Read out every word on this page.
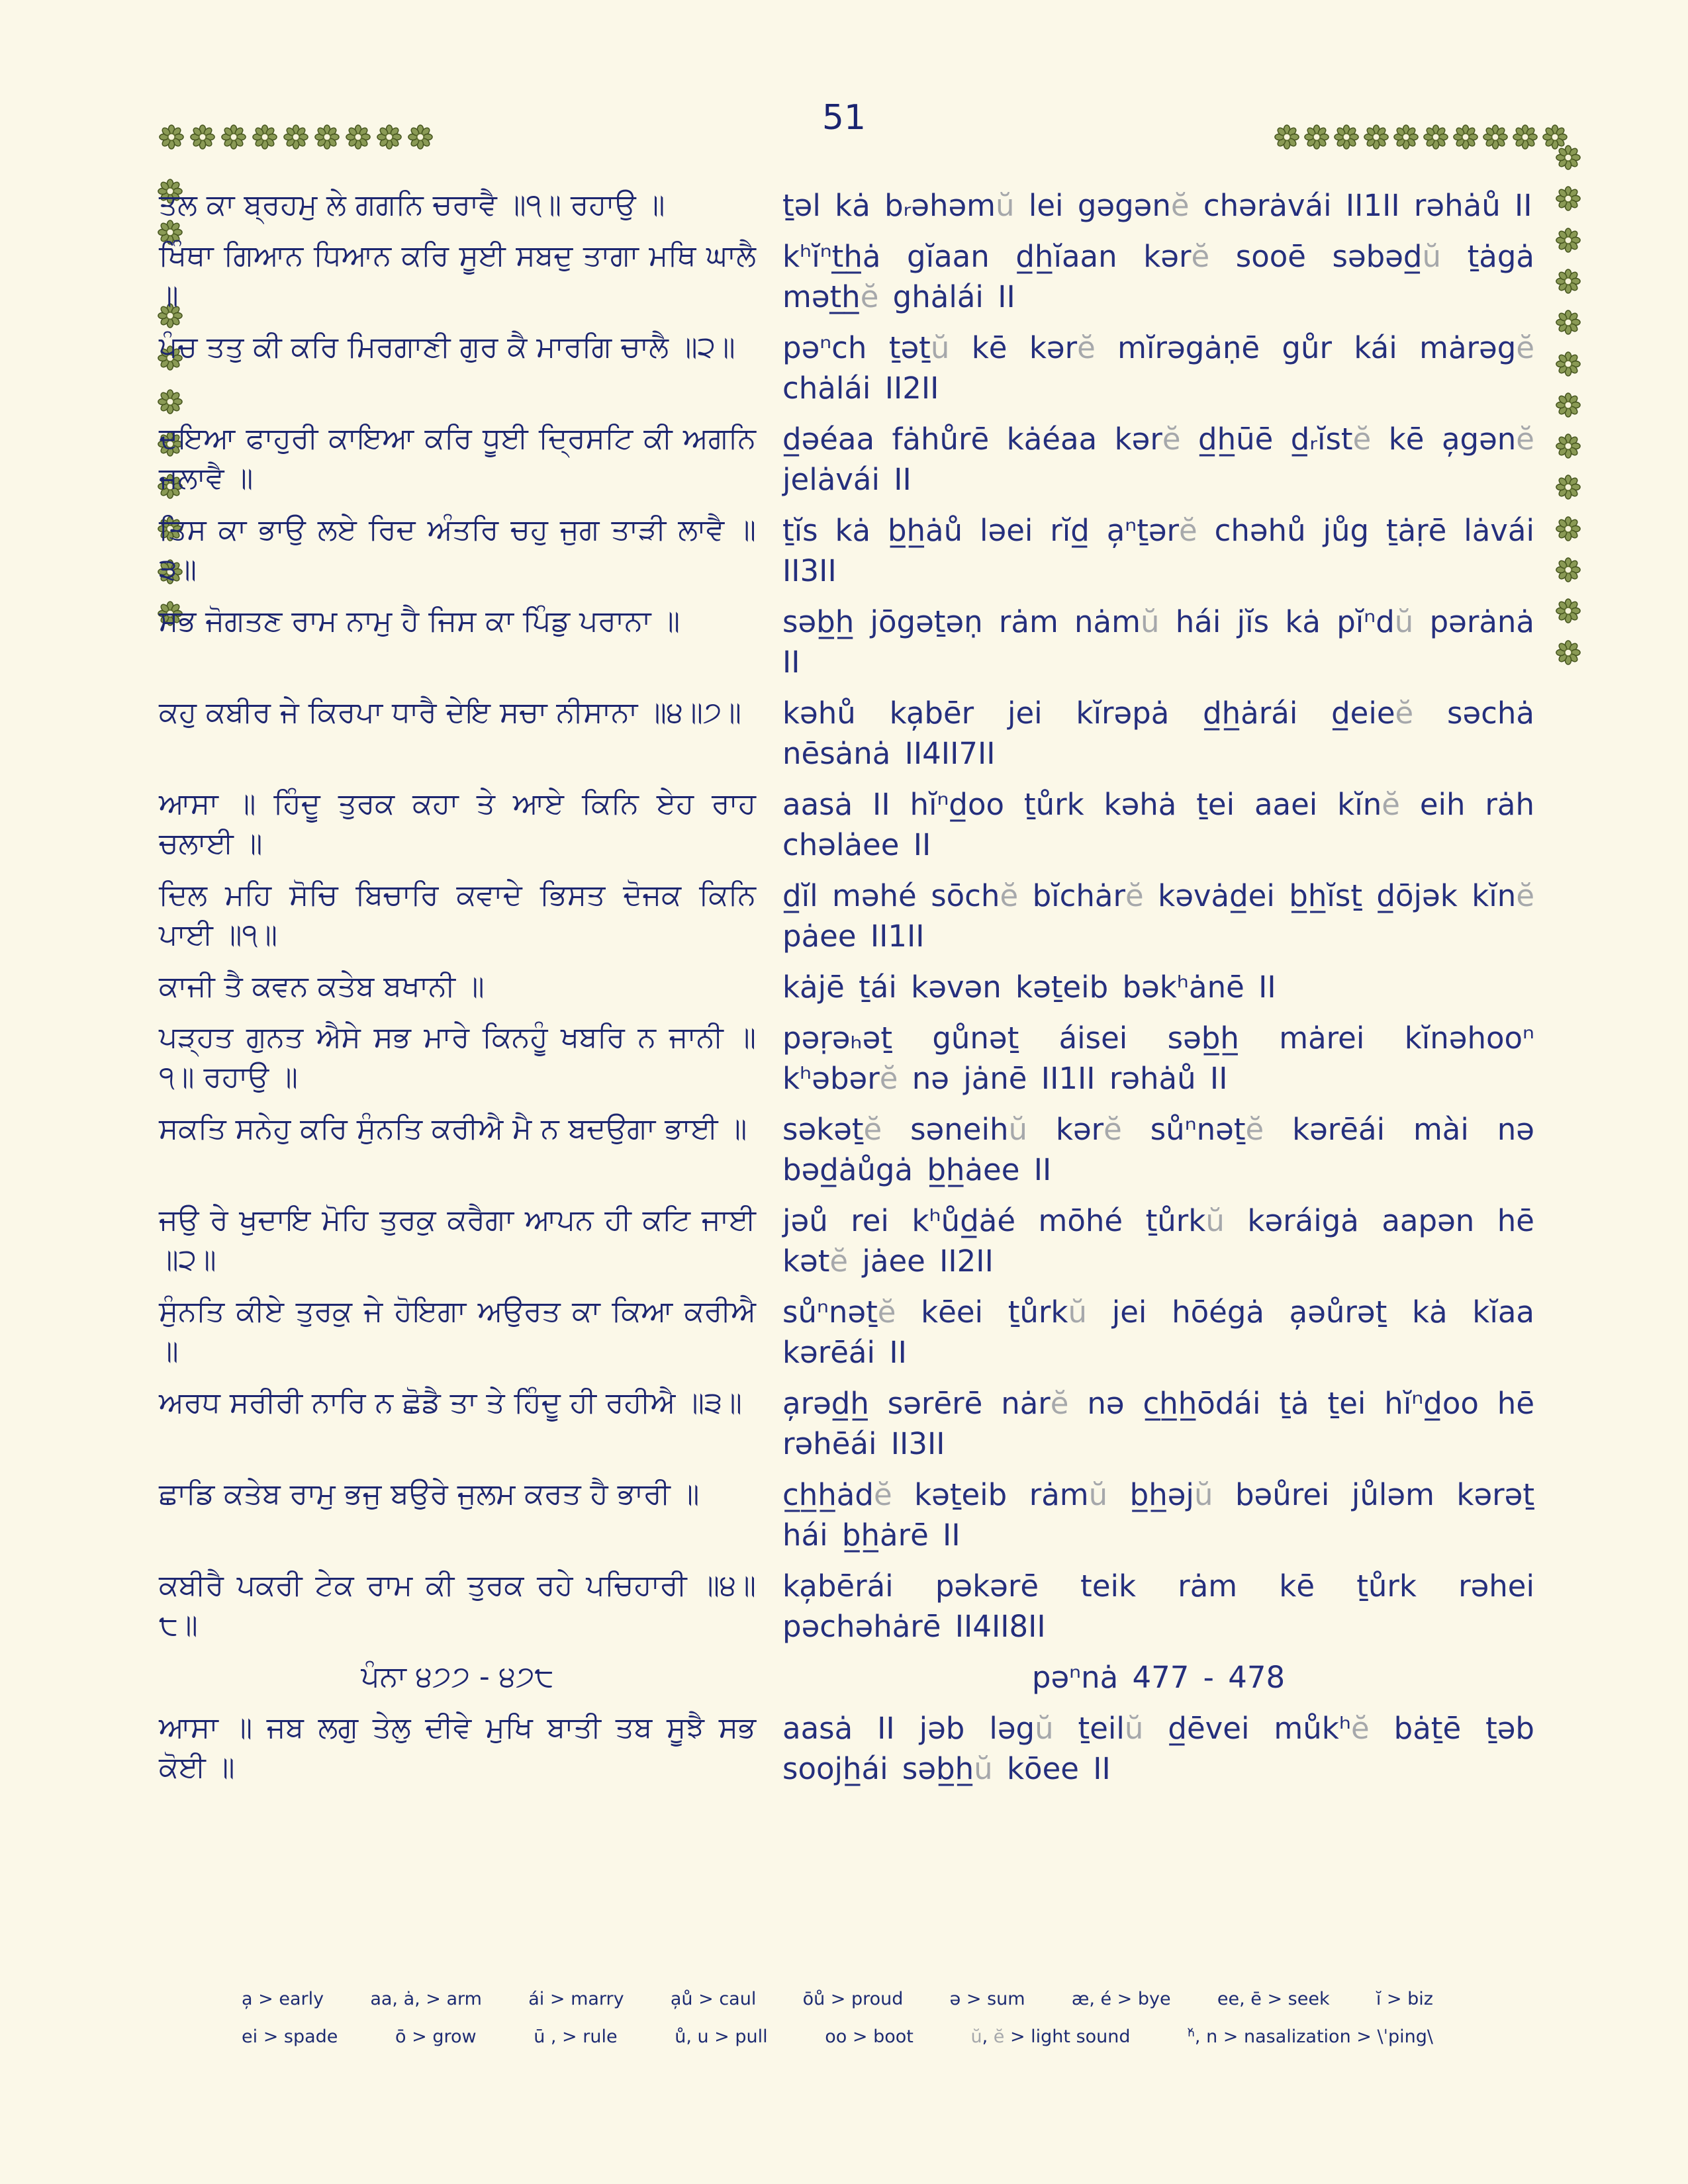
51
ਤਲ ਕਾ ਬ੍ਰਹਮੁ ਲੇ ਗਗਨਿ ਚਰਾਵੈ ॥੧॥ ਰਹਾਉ ॥	ṯəl kȧ bᵣəhəmŭ lei gəgənĕ chərȧvái II1II rəhȧů II
ਖਿੰਥਾ ਗਿਆਨ ਧਿਆਨ ਕਰਿ ਸੂਈ ਸਬਦੁ ਤਾਗਾ ਮਥਿ ਘਾਲੈ ॥
kʰĭⁿt̲h̲ȧ gĭaan d̲h̲ĭaan kərĕ sooē səbəd̲ŭ ṯȧgȧ mət̲h̲ĕ ghȧlái II
ਪੰਚ ਤਤੁ ਕੀ ਕਰਿ ਮਿਰਗਾਣੀ ਗੁਰ ਕੈ ਮਾਰਗਿ ਚਾਲੈ ॥੨॥	pəⁿch ṯəṯŭ kē kərĕ mĭrəgȧṇē gůr kái mȧrəgĕ chȧlái II2II
ਦਇਆ ਫਾਹੁਰੀ ਕਾਇਆ ਕਰਿ ਧੂਈ ਦ੍ਰਿਸਟਿ ਕੀ ਅਗਨਿ ਜਲਾਵੈ ॥
d̲əéaa fȧhůrē kȧéaa kərĕ d̲h̲ūē d̲ᵣĭstĕ kē a̦gənĕ jelȧvái II
ਤਿਸ ਕਾ ਭਾਉ ਲਏ ਰਿਦ ਅੰਤਰਿ ਚਹੁ ਜੁਗ ਤਾੜੀ ਲਾਵੈ ॥੩॥
ṯĭs kȧ b̲h̲ȧů ləei rĭd̲ a̦ⁿṯərĕ chəhů jůg ṯȧṛē lȧvái II3II
ਸਭ ਜੋਗਤਣ ਰਾਮ ਨਾਮੁ ਹੈ ਜਿਸ ਕਾ ਪਿੰਡੁ ਪਰਾਨਾ ॥	səb̲h̲ jōgəṯəṇ rȧm nȧmŭ hái jĭs kȧ pĭⁿdŭ pərȧnȧ II
ਕਹੁ ਕਬੀਰ ਜੇ ਕਿਰਪਾ ਧਾਰੈ ਦੇਇ ਸਚਾ ਨੀਸਾਨਾ ॥੪॥੭॥	kəhů ka̦bēr jei kĭrəpȧ d̲h̲ȧrái d̲eieĕ səchȧ nēsȧnȧ II4II7II
ਆਸਾ ॥ ਹਿੰਦੂ ਤੁਰਕ ਕਹਾ ਤੇ ਆਏ ਕਿਨਿ ਏਹ ਰਾਹ ਚਲਾਈ ॥
aasȧ II hĭⁿd̲oo ṯůrk kəhȧ ṯei aaei kĭnĕ eih rȧh chəlȧee II
ਦਿਲ ਮਹਿ ਸੋਚਿ ਬਿਚਾਰਿ ਕਵਾਦੇ ਭਿਸਤ ਦੋਜਕ ਕਿਨਿ ਪਾਈ ॥੧॥
d̲ĭl məhé sōchĕ bĭchȧrĕ kəvȧd̲ei b̲h̲ĭsṯ d̲ōjək kĭnĕ pȧee II1II
ਕਾਜੀ ਤੈ ਕਵਨ ਕਤੇਬ ਬਖਾਨੀ ॥	kȧjē ṯái kəvən kəṯeib bəkʰȧnē II
ਪੜ੍ਹਤ ਗੁਨਤ ਐਸੇ ਸਭ ਮਾਰੇ ਕਿਨਹੂੰ ਖਬਰਿ ਨ ਜਾਨੀ ॥੧॥ ਰਹਾਉ ॥
pəṛəₕəṯ gůnəṯ áisei səb̲h̲ mȧrei kĭnəhooⁿ kʰəbərĕ nə jȧnē II1II rəhȧů II
ਸਕਤਿ ਸਨੇਹੁ ਕਰਿ ਸੁੰਨਤਿ ਕਰੀਐ ਮੈ ਨ ਬਦਉਗਾ ਭਾਈ ॥	səkəṯĕ səneihŭ kərĕ sůⁿnəṯĕ kərēái mài nə bəd̲ȧůgȧ b̲h̲ȧee II
ਜਉ ਰੇ ਖੁਦਾਇ ਮੋਹਿ ਤੁਰਕੁ ਕਰੈਗਾ ਆਪਨ ਹੀ ਕਟਿ ਜਾਈ ॥੨॥
jəů rei kʰůd̲ȧé mōhé ṯůrkŭ kəráigȧ aapən hē kətĕ jȧee II2II
ਸੁੰਨਤਿ ਕੀਏ ਤੁਰਕੁ ਜੇ ਹੋਇਗਾ ਅਉਰਤ ਕਾ ਕਿਆ ਕਰੀਐ ॥
sůⁿnəṯĕ kēei ṯůrkŭ jei hōégȧ a̦əůrəṯ kȧ kĭaa kərēái II
ਅਰਧ ਸਰੀਰੀ ਨਾਰਿ ਨ ਛੋਡੈ ਤਾ ਤੇ ਹਿੰਦੂ ਹੀ ਰਹੀਐ ॥੩॥	a̦rəd̲h̲ sərērē nȧrĕ nə c̲h̲h̲ōdái ṯȧ ṯei hĭⁿd̲oo hē rəhēái II3II
ਛਾਡਿ ਕਤੇਬ ਰਾਮੁ ਭਜੁ ਬਉਰੇ ਜੁਲਮ ਕਰਤ ਹੈ ਭਾਰੀ ॥	c̲h̲h̲ȧdĕ kəṯeib rȧmŭ b̲h̲əjŭ bəůrei jůləm kərəṯ hái b̲h̲ȧrē II
ਕਬੀਰੈ ਪਕਰੀ ਟੇਕ ਰਾਮ ਕੀ ਤੁਰਕ ਰਹੇ ਪਚਿਹਾਰੀ ॥੪॥੮॥
ka̦bērái pəkərē teik rȧm kē ṯůrk rəhei pəchəhȧrē II4II8II
ਪੰਨਾ ੪੭੭ - ੪੭੮	pəⁿnȧ 477 - 478
ਆਸਾ ॥ ਜਬ ਲਗੁ ਤੇਲੁ ਦੀਵੇ ਮੁਖਿ ਬਾਤੀ ਤਬ ਸੂਝੈ ਸਭ ਕੋਈ ॥
aasȧ II jəb ləgŭ ṯeilŭ d̲ēvei můkʰĕ bȧṯē ṯəb soojh̲ái səb̲h̲ŭ kōee II
a̦ > early	aa, ȧ, > arm	ái > marry	a̦ů > caul	ōů > proud	ə > sum	æ, é > bye	ee, ē > seek	ĭ > biz
ei > spade	ō > grow	ū , > rule	ů, u > pull	oo > boot	ŭ, ĕ > light sound	ⁿ̌, n > nasalization > \ˈping\
